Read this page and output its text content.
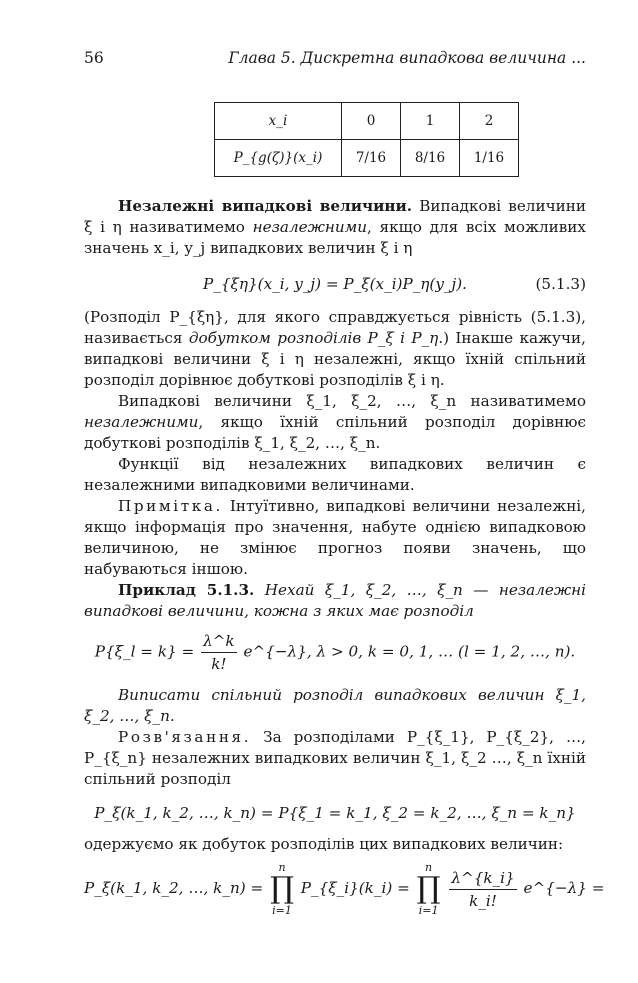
56	Глава 5. Дискретна випадкова величина ...
x_i	0	1	2
P_{g(ζ)}(x_i)	7/16	8/16	1/16

Незалежні випадкові величини. Випадкові величини ξ і η називатимемо незалежними, якщо для всіх можливих значень x_i, y_j випадкових величин ξ і η

P_{ξη}(x_i, y_j) = P_ξ(x_i)P_η(y_j).	(5.1.3)

(Розподіл P_{ξη}, для якого справджується рівність (5.1.3), називається добутком розподілів P_ξ і P_η.) Інакше кажучи, випадкові величини ξ і η незалежні, якщо їхній спільний розподіл дорівнює добуткові розподілів ξ і η.

Випадкові величини ξ_1, ξ_2, …, ξ_n називатимемо незалежними, якщо їхній спільний розподіл дорівнює добуткові розподілів ξ_1, ξ_2, …, ξ_n.

Функції від незалежних випадкових величин є незалежними випадковими величинами.

Примітка. Інтуїтивно, випадкові величини незалежні, якщо інформація про значення, набуте однією випадковою величиною, не змінює прогноз появи значень, що набуваються іншою.

Приклад 5.1.3. Нехай ξ_1, ξ_2, …, ξ_n — незалежні випадкові величини, кожна з яких має розподіл

P{ξ_l = $k\} = \frac{\lambda\^{}k}{k!}$ e^{−λ}, λ > 0, k = 0, 1, … (l = 1, 2, …, n).

Виписати спільний розподіл випадкових величин ξ_1, ξ_2, …, ξ_n.

Розв'язання. За розподілами P_{ξ_1}, P_{ξ_2}, …, P_{ξ_n} незалежних випадкових величин ξ_1, ξ_2 …, ξ_n їхній спільний розподіл

P_ξ(k_1, k_2, …, k_n) = P{ξ_1 = k_1, ξ_2 = k_2, …, ξ_n = k_n}

одержуємо як добуток розподілів цих випадкових величин:

P_ξ(k_1, k_2, …, k_n) =
n
∏
i=1
P_{ξ_i}(k_i) =
n
∏
i=1
$\frac{\lambda\^{}\{k\_i\}}{k\_i!}$ e^{−λ} =
